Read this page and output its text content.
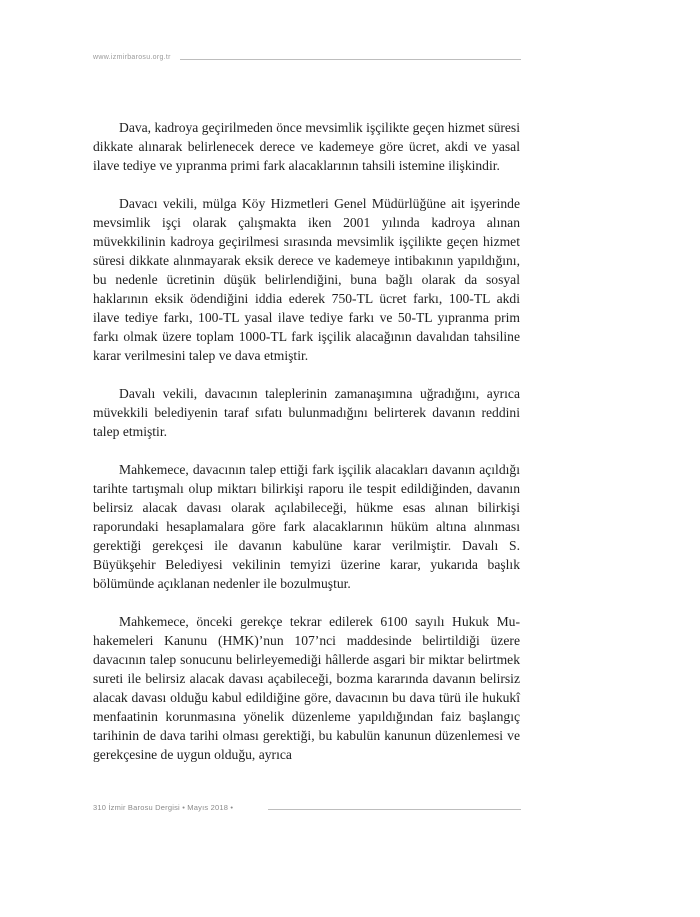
www.izmirbarosu.org.tr

Dava, kadroya geçirilmeden önce mevsimlik işçilikte geçen hizmet süresi dikkate alınarak belirlenecek derece ve kademeye göre ücret, akdi ve yasal ilave tediye ve yıpranma primi fark alacaklarının tahsili istemine ilişkindir.

Davacı vekili, mülga Köy Hizmetleri Genel Müdürlüğüne ait işyerinde mevsimlik işçi olarak çalışmakta iken 2001 yılında kadroya alınan müvekkilinin kadroya geçirilmesi sırasında mevsimlik işçilikte geçen hizmet süresi dikkate alınmayarak eksik derece ve kademeye intibakının yapıldığını, bu nedenle ücretinin düşük belirlendiğini, buna bağlı olarak da sosyal haklarının eksik ödendiğini iddia ederek 750-TL ücret farkı, 100-TL akdi ilave tediye farkı, 100-TL yasal ilave tediye farkı ve 50-TL yıpranma prim farkı olmak üzere toplam 1000-TL fark işçilik alacağının davalıdan tahsiline karar verilmesini talep ve dava etmiştir.

Davalı vekili, davacının taleplerinin zamanaşımına uğradığını, ayrıca müvekkili belediyenin taraf sıfatı bulunmadığını belirterek davanın reddini talep etmiştir.

Mahkemece, davacının talep ettiği fark işçilik alacakları davanın açıldığı tarihte tartışmalı olup miktarı bilirkişi raporu ile tespit edildiğinden, davanın belirsiz alacak davası olarak açılabileceği, hükme esas alınan bilirkişi raporundaki hesaplamalara göre fark alacaklarının hüküm altına alınması gerektiği gerekçesi ile davanın kabulüne karar verilmiştir. Davalı S. Büyükşehir Belediyesi vekilinin temyizi üzerine karar, yukarıda başlık bölümünde açıklanan nedenler ile bozulmuştur.

Mahkemece, önceki gerekçe tekrar edilerek 6100 sayılı Hukuk Muhakemeleri Kanunu (HMK)’nun 107’nci maddesinde belirtildiği üzere davacının talep sonucunu belirleyemediği hâllerde asgari bir miktar belirtmek sureti ile belirsiz alacak davası açabileceği, bozma kararında davanın belirsiz alacak davası olduğu kabul edildiğine göre, davacının bu dava türü ile hukukî menfaatinin korunmasına yönelik düzenleme yapıldığından faiz başlangıç tarihinin de dava tarihi olması gerektiği, bu kabulün kanunun düzenlemesi ve gerekçesine de uygun olduğu, ayrıca

310 İzmir Barosu Dergisi • Mayıs 2018 •
